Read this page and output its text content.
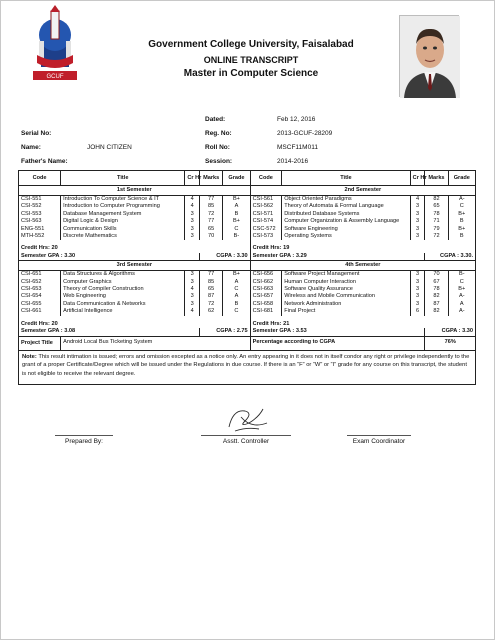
GCUF
Government College University, Faisalabad
ONLINE TRANSCRIPT
Master in Computer Science
Dated:	Feb 12, 2016
Serial No:	Reg. No:	2013-GCUF-28209
Name:	JOHN CITIZEN	Roll No:	MSCF11M011
Father's Name:	Session:	2014-2016
Code	Title	Cr Hr	Marks	Grade	Code	Title	Cr Hr	Marks	Grade
1st Semester					2nd Semester				
CSI-551	Introduction To Computer Science & IT	4	77	B+	CSI-561	Object Oriented Paradigms	4	82	A-
CSI-552	Introduction to Computer Programming	4	85	A	CSI-562	Theory of Automata & Formal Language	3	65	C
CSI-553	Database Management System	3	72	B	CSI-571	Distributed Database Systems	3	78	B+
CSI-563	Digital Logic & Design	3	77	B+	CSI-574	Computer Organization & Assembly Language	3	71	B
ENG-551	Communication Skills	3	65	C	CSC-572	Software Engineering	3	79	B+
MTH-552	Discrete Mathematics	3	70	B-	CSI-573	Operating Systems	3	72	B
Credit Hrs: 20					Credit Hrs: 19				
Semester GPA : 3.30			CGPA : 3.30		Semester GPA : 3.29			CGPA : 3.30.	
3rd Semester					4th Semester				
CSI-651	Data Structures & Algorithms	3	77	B+	CSI-656	Software Project Management	3	70	B-
CSI-652	Computer Graphics	3	85	A	CSI-662	Human Computer Interaction	3	67	C
CSI-653	Theory of Compiler Construction	4	65	C	CSI-663	Software Quality Assurance	3	78	B+
CSI-654	Web Engineering	3	87	A	CSI-657	Wireless and Mobile Communication	3	82	A-
CSI-655	Data Communication & Networks	3	72	B	CSI-658	Network Administration	3	87	A
CSI-661	Artificial Intelligence	4	62	C	CSI-681	Final Project	6	82	A-
Credit Hrs: 20					Credit Hrs: 21				
Semester GPA : 3.08			CGPA : 2.75		Semester GPA : 3.53			CGPA : 3.30	
Project Title	Android Local Bus Ticketing System				Percentage according to CGPA			76%	
Note: This result intimation is issued; errors and omission excepted as a notice only. An entry appearing in it does not in itself condor any right or privilege independently to the grant of a proper Certificate/Degree which will be issued under the Regulations in due course. If there is an “F” or “W” or “I” grade for any course on this transcript, the student is not eligible to receive the relevant degree.									
Prepared By:	Asstt. Controller	Exam Coordinator
